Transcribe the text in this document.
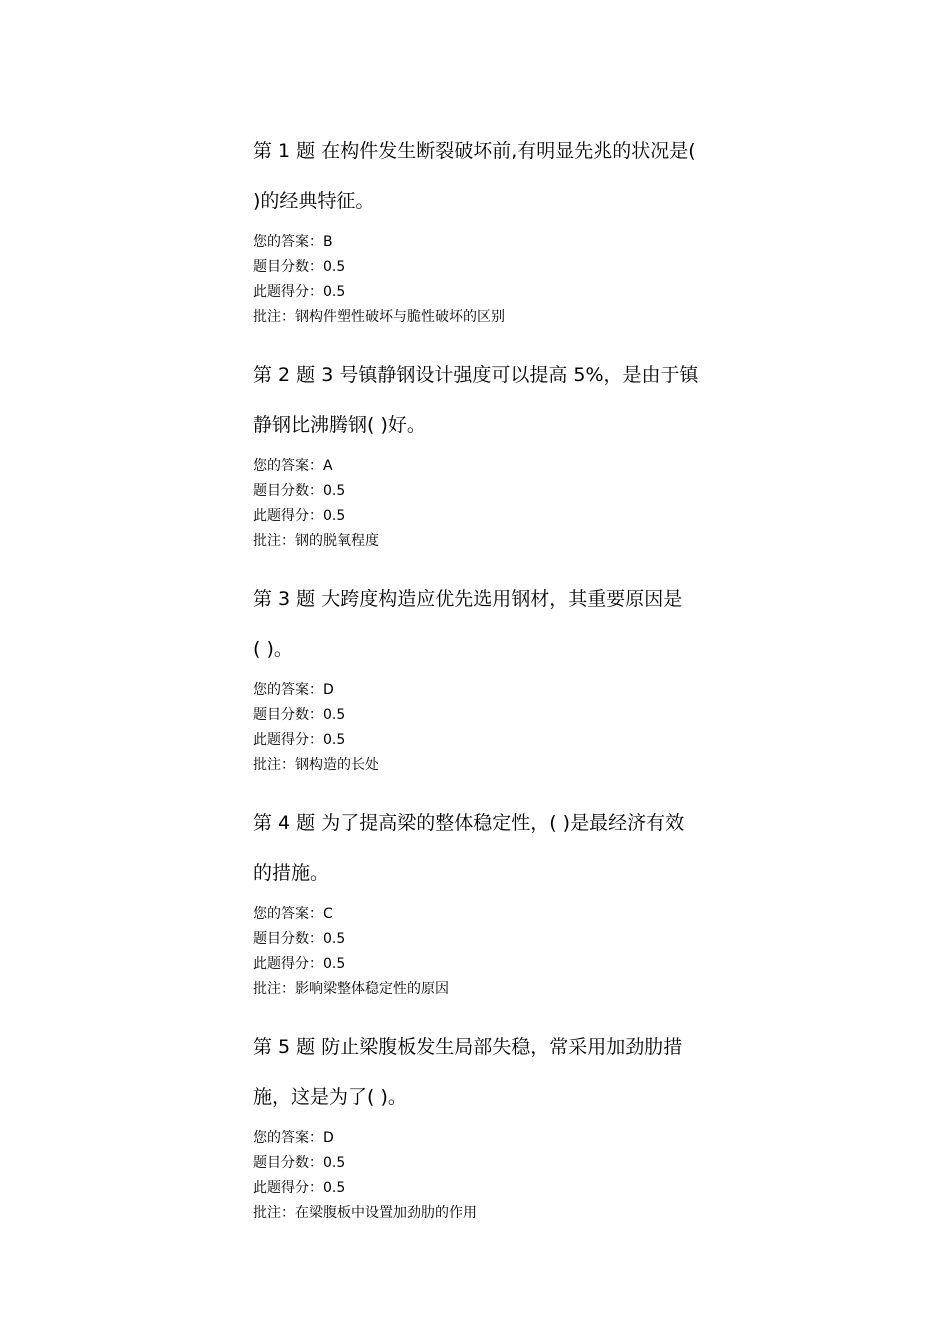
第 1 题 在构件发生断裂破坏前,有明显先兆的状况是(
)的经典特征。
您的答案：B
题目分数：0.5
此题得分：0.5
批注：钢构件塑性破坏与脆性破坏的区别
第 2 题 3 号镇静钢设计强度可以提高 5%，是由于镇
静钢比沸腾钢( )好。
您的答案：A
题目分数：0.5
此题得分：0.5
批注：钢的脱氧程度
第 3 题 大跨度构造应优先选用钢材，其重要原因是
( )。
您的答案：D
题目分数：0.5
此题得分：0.5
批注：钢构造的长处
第 4 题 为了提高梁的整体稳定性，( )是最经济有效
的措施。
您的答案：C
题目分数：0.5
此题得分：0.5
批注：影响梁整体稳定性的原因
第 5 题 防止梁腹板发生局部失稳，常采用加劲肋措
施，这是为了( )。
您的答案：D
题目分数：0.5
此题得分：0.5
批注：在梁腹板中设置加劲肋的作用
